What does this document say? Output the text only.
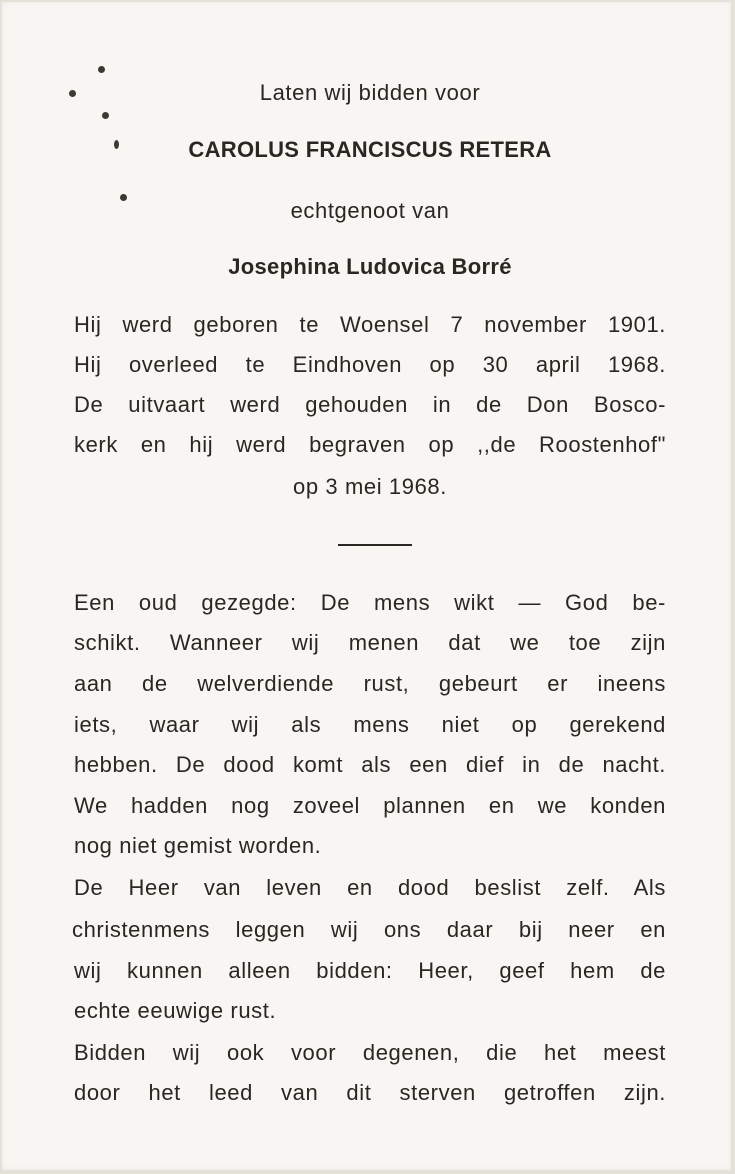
Laten wij bidden voor
CAROLUS FRANCISCUS RETERA
echtgenoot van
Josephina Ludovica Borré
Hij werd geboren te Woensel 7 november 1901.
Hij overleed te Eindhoven op 30 april 1968.
De uitvaart werd gehouden in de Don Bosco-
kerk en hij werd begraven op ,,de Roostenhof"
op 3 mei 1968.
Een oud gezegde: De mens wikt — God be-
schikt. Wanneer wij menen dat we toe zijn
aan de welverdiende rust, gebeurt er ineens
iets, waar wij als mens niet op gerekend
hebben. De dood komt als een dief in de nacht.
We hadden nog zoveel plannen en we konden
nog niet gemist worden.
De Heer van leven en dood beslist zelf. Als
christenmens leggen wij ons daar bij neer en
wij kunnen alleen bidden: Heer, geef hem de
echte eeuwige rust.
Bidden wij ook voor degenen, die het meest
door het leed van dit sterven getroffen zijn.
